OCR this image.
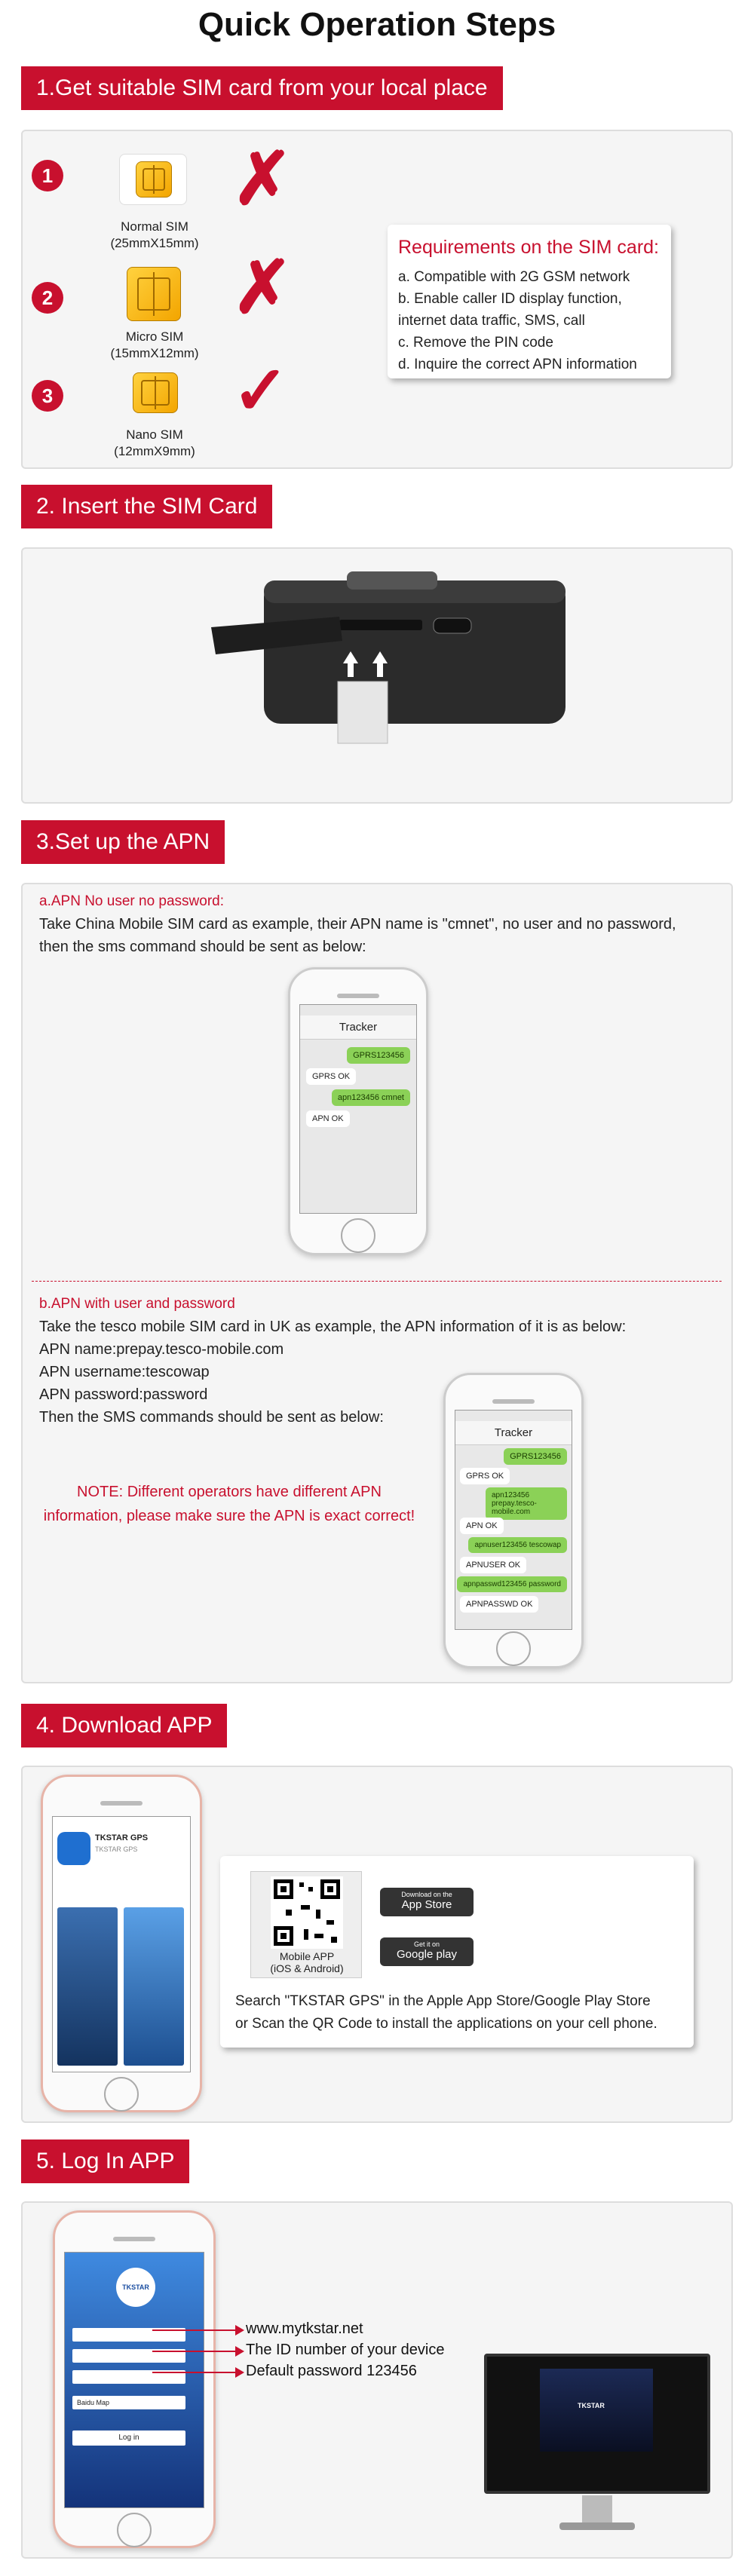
Quick Operation Steps
1.Get suitable SIM card from your local place
1
Normal SIM
(25mmX15mm)
✗
2
Micro SIM
(15mmX12mm)
✗
3
Nano SIM
(12mmX9mm)
✓
Requirements on the SIM card:
a. Compatible with 2G GSM network
b. Enable caller ID display function,
internet data traffic, SMS, call
c. Remove the PIN code
d. Inquire the correct APN information
2. Insert the SIM Card
3.Set up the APN
a.APN No user no password:
Take China Mobile SIM card as example, their APN name is "cmnet", no user and no password,
then the sms command should be sent as below:
Tracker
GPRS123456
GPRS OK
apn123456 cmnet
APN OK
b.APN with user and password
Take the tesco mobile SIM card in UK as example, the APN information of it is as below:
APN name:prepay.tesco-mobile.com
APN username:tescowap
APN password:password
Then the SMS commands should be sent as below:
NOTE: Different operators have different APN
information, please make sure the APN is exact correct!
Tracker
GPRS123456
GPRS OK
apn123456 prepay.tesco-mobile.com
APN OK
apnuser123456 tescowap
APNUSER OK
apnpasswd123456 password
APNPASSWD OK
4. Download APP
TKSTAR GPS
TKSTAR GPS
Mobile APP
(iOS & Android)
Download on the
App Store
Get it on
Google play
Search "TKSTAR GPS" in the Apple App Store/Google Play Store
or Scan the QR Code to install the applications on your cell phone.
5. Log In APP
TKSTAR
Baidu Map
Log in
www.mytkstar.net
The ID number of your device
Default password 123456
TKSTAR
